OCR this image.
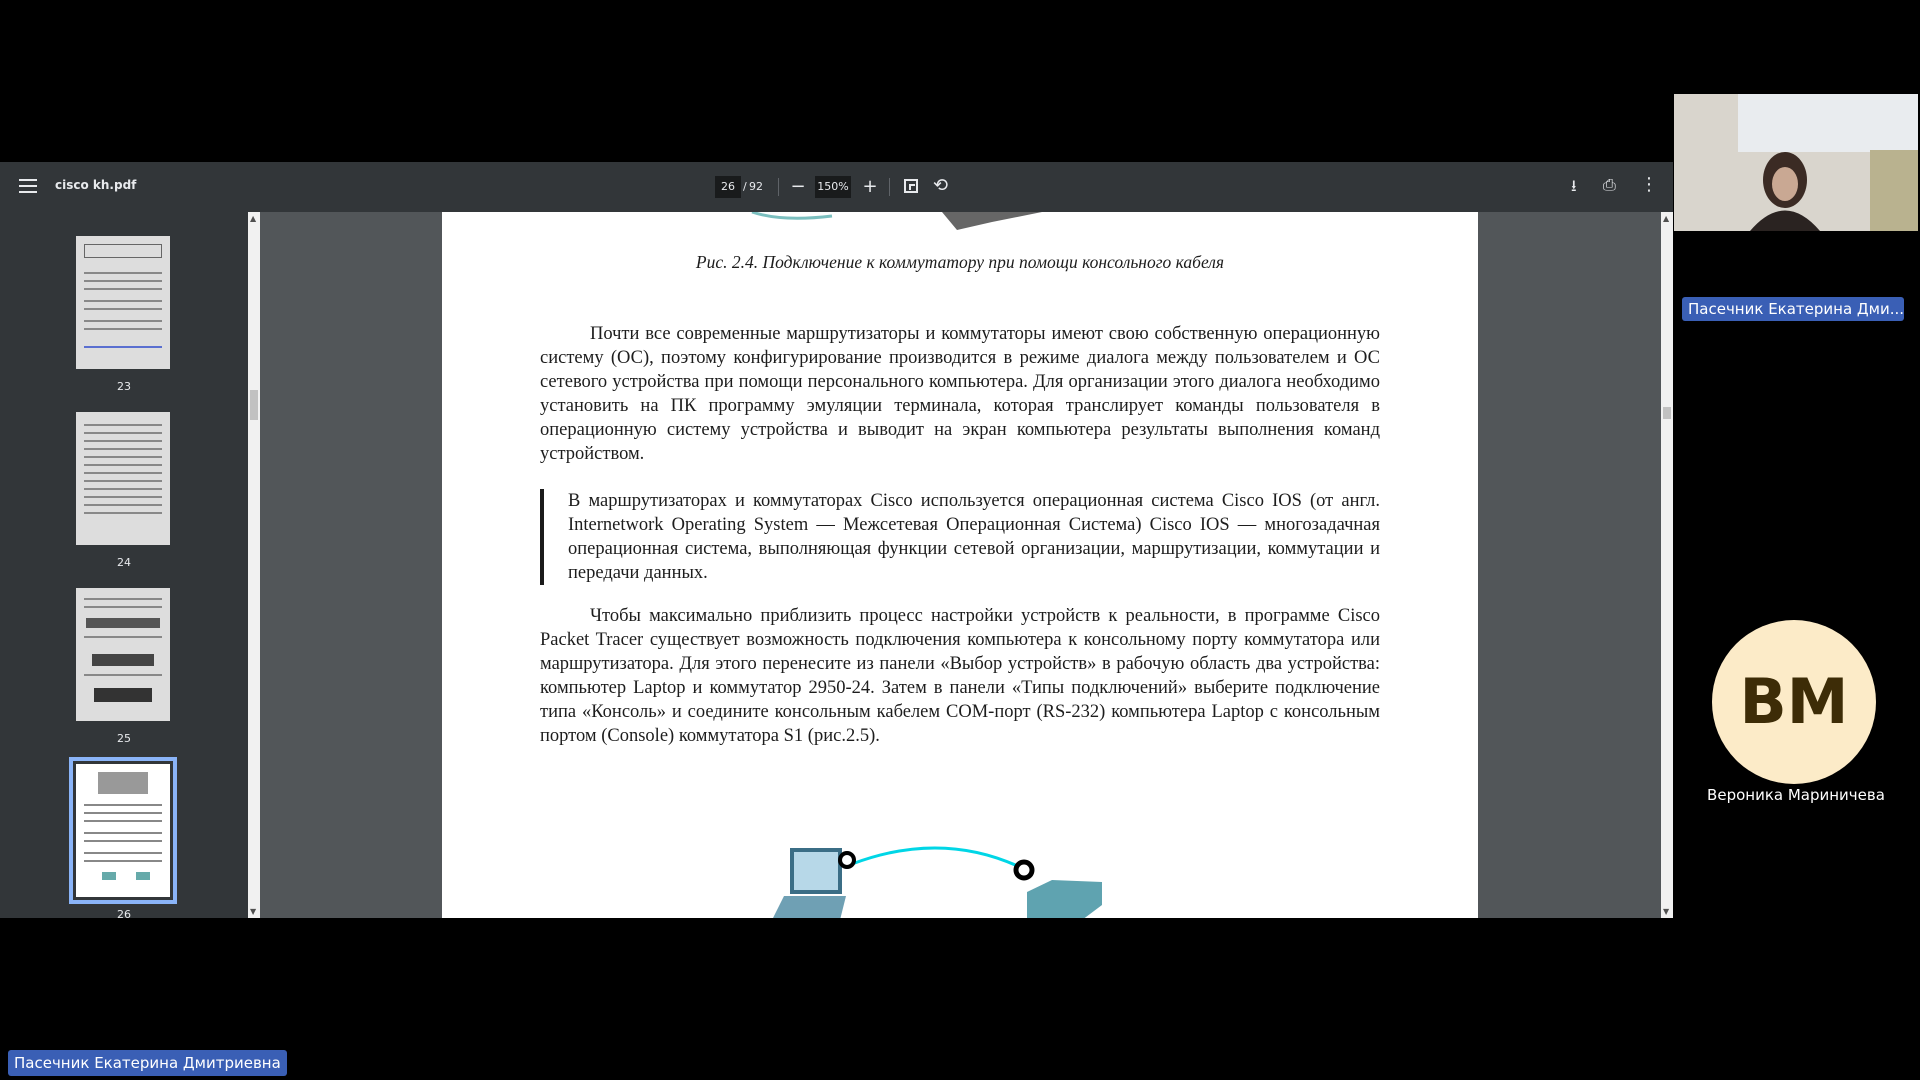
cisco kh.pdf	26 / 92 − 150% +	⟲	⭳ ⎙ ⋮
23
24
25
26
▲
▼
Рис. 2.4. Подключение к коммутатору при помощи консольного кабеля
Почти все современные маршрутизаторы и коммутаторы имеют свою собственную операционную систему (ОС), поэтому конфигурирование производится в режиме диалога между пользователем и ОС сетевого устройства при помощи персонального компьютера. Для организации этого диалога необходимо установить на ПК программу эмуляции терминала, которая транслирует команды пользователя в операционную систему устройства и выводит на экран компьютера результаты выполнения команд устройством.
В маршрутизаторах и коммутаторах Cisco используется операционная система Cisco IOS (от англ. Internetwork Operating System — Межсетевая Операционная Система) Cisco IOS — многозадачная операционная система, выполняющая функции сетевой организации, маршрутизации, коммутации и передачи данных.
Чтобы максимально приблизить процесс настройки устройств к реальности, в программе Cisco Packet Tracer существует возможность подключения компьютера к консольному порту коммутатора или маршрутизатора. Для этого перенесите из панели «Выбор устройств» в рабочую область два устройства: компьютер Laptop и коммутатор 2950-24. Затем в панели «Типы подключений» выберите подключение типа «Консоль» и соедините консольным кабелем COM-порт (RS-232) компьютера Laptop с консольным портом (Console) коммутатора S1 (рис.2.5).
▲
▼
Пасечник Екатерина Дми...
ВМ
Вероника Мариничева
Пасечник Екатерина Дмитриевна
